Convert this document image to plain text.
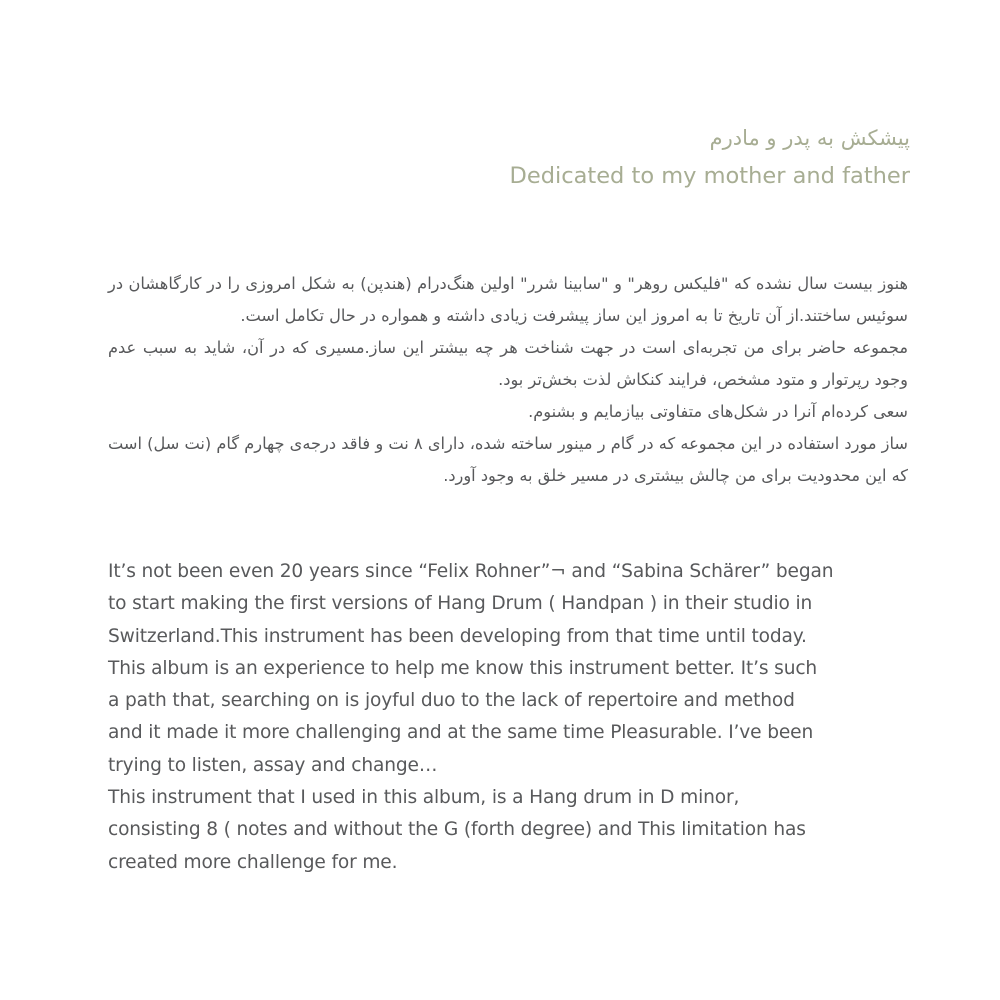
پیشکش به پدر و مادرم

Dedicated to my mother and father

هنوز بیست سال نشده که "فلیکس روهر" و "سابینا شرر" اولین هنگ‌درام (هندپن) به شکل امروزی را در کارگاهشان در سوئیس ساختند.از آن تاریخ تا به امروز این ساز پیشرفت زیادی داشته و همواره در حال تکامل است.

مجموعه حاضر برای من تجربه‌ای است در جهت شناخت هر چه بیشتر این ساز.مسیری که در آن، شاید به سبب عدم وجود رپرتوار و متود مشخص، فرایند کنکاش لذت بخش‌تر بود.

سعی کرده‌ام آنرا در شکل‌های متفاوتی بیازمایم و بشنوم.

ساز مورد استفاده در این مجموعه که در گام ر مینور ساخته شده، دارای ۸ نت و فاقد درجه‌ی چهارم گام (نت سل) است که این محدودیت برای من چالش بیشتری در مسیر خلق به وجود آورد.

It’s not been even 20 years since “Felix Rohner”¬ and “Sabina Schärer” began
to start making the first versions of Hang Drum ( Handpan ) in their studio in
Switzerland.This instrument has been developing from that time until today.
This album is an experience to help me know this instrument better. It’s such
a path that, searching on is joyful duo to the lack of repertoire and method
and it made it more challenging and at the same time Pleasurable. I’ve been
trying to listen, assay and change…
This instrument that I used in this album, is a Hang drum in D minor,
consisting 8 ( notes and without the G (forth degree) and This limitation has
created more challenge for me.
